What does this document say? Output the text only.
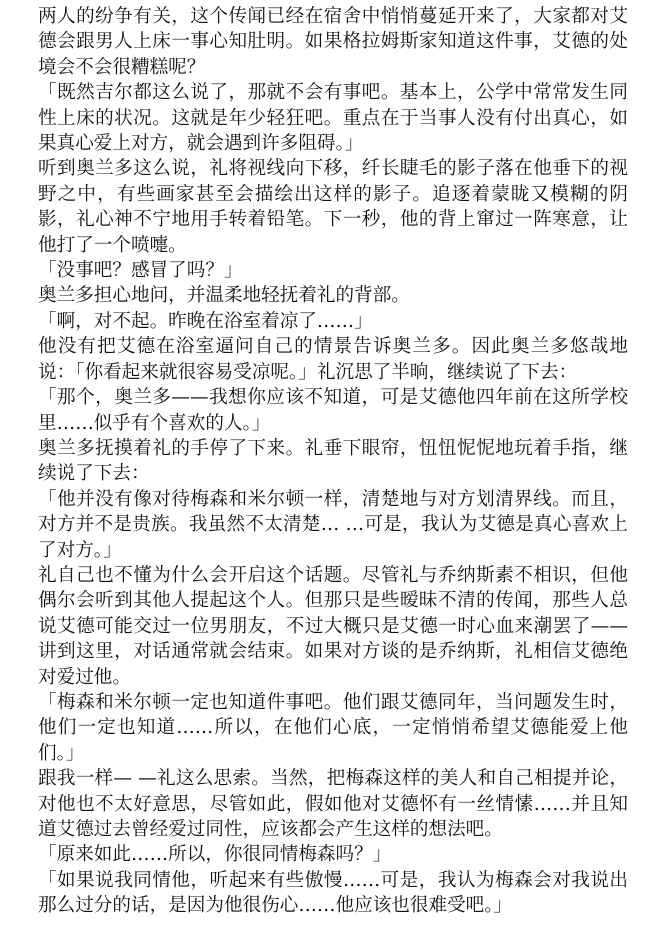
两人的纷争有关，这个传闻已经在宿舍中悄悄蔓延开来了，大家都对艾德会跟男人上床一事心知肚明。如果格拉姆斯家知道这件事，艾德的处境会不会很糟糕呢？

「既然吉尔都这么说了，那就不会有事吧。基本上，公学中常常发生同性上床的状况。这就是年少轻狂吧。重点在于当事人没有付出真心，如果真心爱上对方，就会遇到许多阻碍。」

听到奥兰多这么说，礼将视线向下移，纤长睫毛的影子落在他垂下的视野之中，有些画家甚至会描绘出这样的影子。追逐着蒙眬又模糊的阴影，礼心神不宁地用手转着铅笔。下一秒，他的背上窜过一阵寒意，让他打了一个喷嚏。

「没事吧？感冒了吗？」

奥兰多担心地问，并温柔地轻抚着礼的背部。

「啊，对不起。昨晚在浴室着凉了……」

他没有把艾德在浴室逼问自己的情景告诉奥兰多。因此奥兰多悠哉地说：「你看起来就很容易受凉呢。」礼沉思了半晌，继续说了下去：

「那个，奥兰多——我想你应该不知道，可是艾德他四年前在这所学校里……似乎有个喜欢的人。」

奥兰多抚摸着礼的手停了下来。礼垂下眼帘，忸忸怩怩地玩着手指，继续说了下去：

「他并没有像对待梅森和米尔顿一样，清楚地与对方划清界线。而且，对方并不是贵族。我虽然不太清楚… …可是，我认为艾德是真心喜欢上了对方。」

礼自己也不懂为什么会开启这个话题。尽管礼与乔纳斯素不相识，但他偶尔会听到其他人提起这个人。但那只是些暧昧不清的传闻，那些人总说艾德可能交过一位男朋友，不过大概只是艾德一时心血来潮罢了——讲到这里，对话通常就会结束。如果对方谈的是乔纳斯，礼相信艾德绝对爱过他。

「梅森和米尔顿一定也知道件事吧。他们跟艾德同年，当问题发生时，他们一定也知道……所以，在他们心底，一定悄悄希望艾德能爱上他们。」

跟我一样— —礼这么思索。当然，把梅森这样的美人和自己相提并论，对他也不太好意思，尽管如此，假如他对艾德怀有一丝情愫……并且知道艾德过去曾经爱过同性，应该都会产生这样的想法吧。

「原来如此……所以，你很同情梅森吗？」

「如果说我同情他，听起来有些傲慢……可是，我认为梅森会对我说出那么过分的话，是因为他很伤心……他应该也很难受吧。」
